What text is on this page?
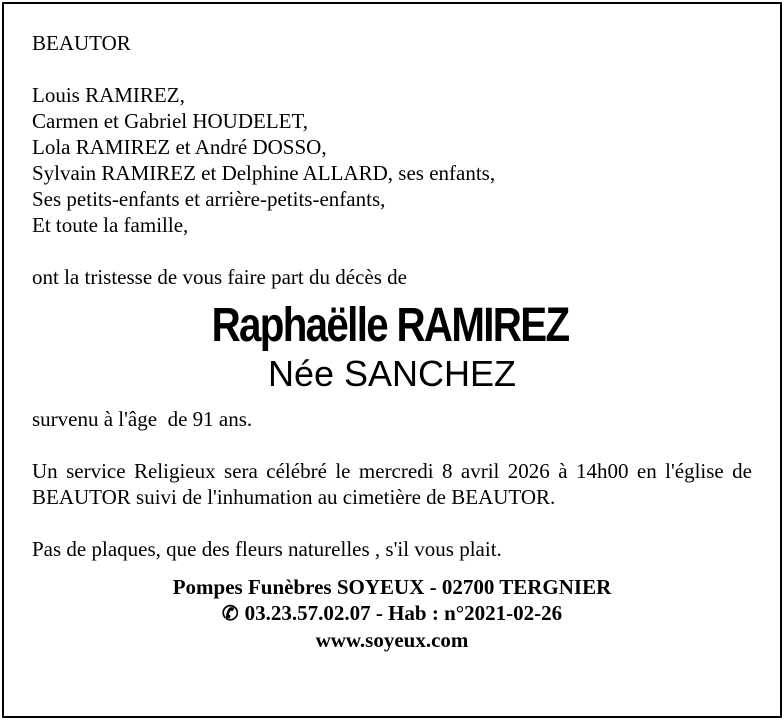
BEAUTOR
Louis RAMIREZ,
Carmen et Gabriel HOUDELET,
Lola RAMIREZ et André DOSSO,
Sylvain RAMIREZ et Delphine ALLARD, ses enfants,
Ses petits-enfants et arrière-petits-enfants,
Et toute la famille,
ont la tristesse de vous faire part du décès de
Raphaëlle RAMIREZ
Née SANCHEZ
survenu à l'âge  de 91 ans.
Un service Religieux sera célébré le mercredi 8 avril 2026 à 14h00 en l'église de BEAUTOR suivi de l'inhumation au cimetière de BEAUTOR.
Pas de plaques, que des fleurs naturelles , s'il vous plait.
Pompes Funèbres SOYEUX - 02700 TERGNIER
✆ 03.23.57.02.07 - Hab : n°2021-02-26
www.soyeux.com
